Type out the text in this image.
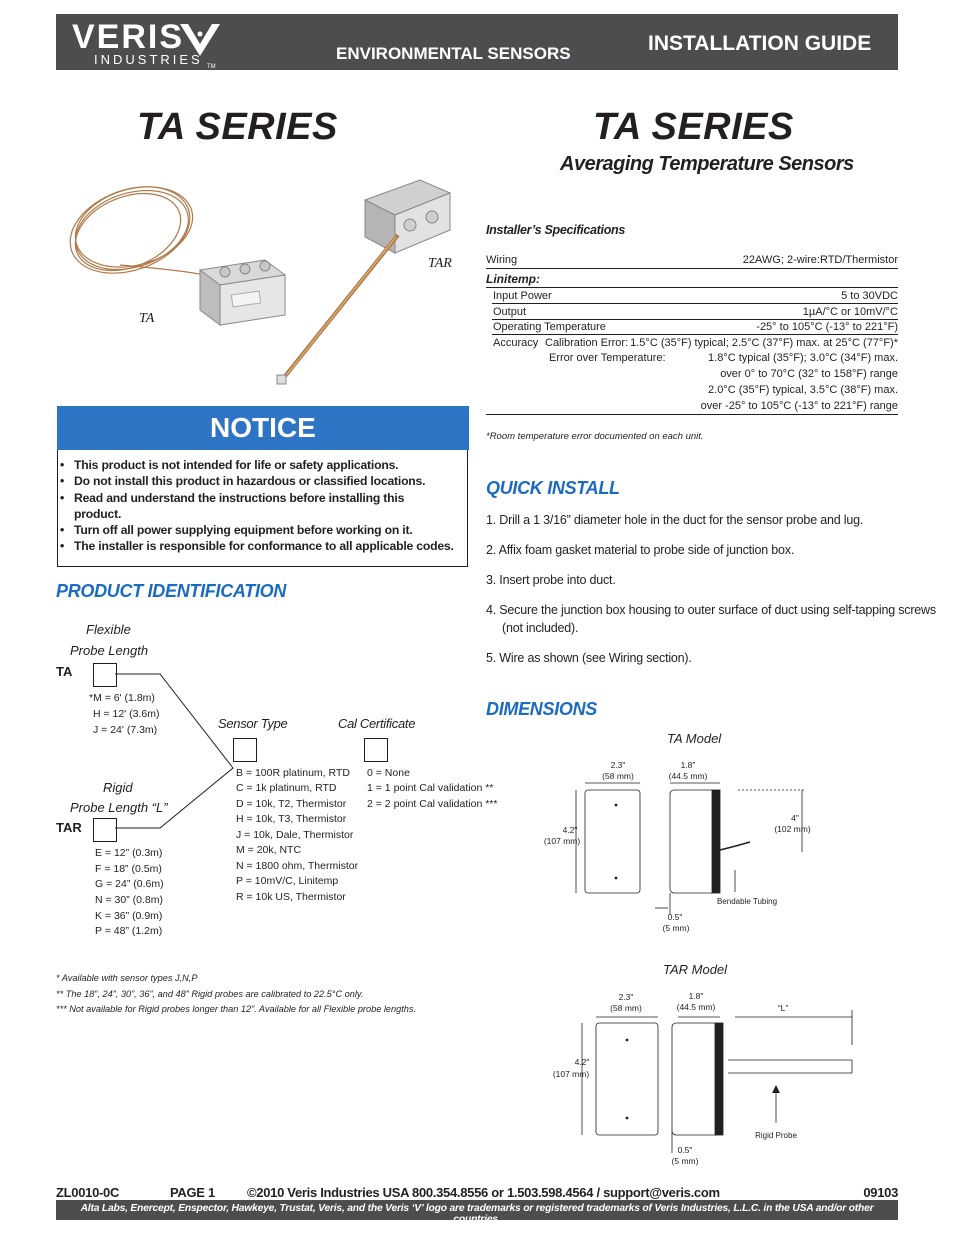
VERIS
INDUSTRIES TM
ENVIRONMENTAL SENSORS	INSTALLATION GUIDE
TA SERIES	TA SERIES
Averaging Temperature Sensors
TAR
TA
NOTICE
• This product is not intended for life or safety applications.
• Do not install this product in hazardous or classified locations.
• Read and understand the instructions before installing this product.
• Turn off all power supplying equipment before working on it.
• The installer is responsible for conformance to all applicable codes.
Installer’s Specifications
Wiring	22AWG; 2-wire:RTD/Thermistor
Linitemp:
Input Power	5 to 30VDC
Output	1µA/°C or 10mV/°C
Operating Temperature	-25° to 105°C (-13° to 221°F)
Accuracy Calibration Error: 1.5°C (35°F) typical; 2.5°C (37°F) max. at 25°C (77°F)*
Error over Temperature:	1.8°C typical (35°F); 3.0°C (34°F) max.
over 0° to 70°C (32° to 158°F) range
2.0°C (35°F) typical, 3.5°C (38°F) max.
over -25° to 105°C (-13° to 221°F) range
*Room temperature error documented on each unit.
QUICK INSTALL
1. Drill a 1 3/16” diameter hole in the duct for the sensor probe and lug.
2. Affix foam gasket material to probe side of junction box.
3. Insert probe into duct.
4. Secure the junction box housing to outer surface of duct using self-tapping screws
(not included).
5. Wire as shown (see Wiring section).
PRODUCT IDENTIFICATION
Flexible
Probe Length
TA
*M = 6' (1.8m)
H = 12' (3.6m)
J = 24' (7.3m)
Rigid
Probe Length “L”
TAR
E = 12” (0.3m)
F = 18” (0.5m)
G = 24” (0.6m)
N = 30” (0.8m)
K = 36” (0.9m)
P = 48” (1.2m)
Sensor Type
B = 100R platinum, RTD
C = 1k platinum, RTD
D = 10k, T2, Thermistor
H = 10k, T3, Thermistor
J = 10k, Dale, Thermistor
M = 20k, NTC
N = 1800 ohm, Thermistor
P = 10mV/C, Linitemp
R = 10k US, Thermistor
Cal Certificate
0 = None
1 = 1 point Cal validation **
2 = 2 point Cal validation ***
* Available with sensor types J,N,P
** The 18”, 24”, 30”, 36”, and 48” Rigid probes are calibrated to 22.5°C only.
*** Not available for Rigid probes longer than 12”. Available for all Flexible probe lengths.
DIMENSIONS
TA Model
2.3"
(58 mm)
1.8"
(44.5 mm)
4.2"
(107 mm)
4"
(102 mm)
0.5"
(5 mm)
Bendable Tubing
TAR Model
2.3"
(58 mm)
1.8"
(44.5 mm)
4.2"
(107 mm)
“L”
0.5"
(5 mm)
Rigid Probe
ZL0010-0C	PAGE 1 ©2010 Veris Industries USA 800.354.8556 or 1.503.598.4564 / support@veris.com	09103
Alta Labs, Enercept, Enspector, Hawkeye, Trustat, Veris, and the Veris ‘V’ logo are trademarks or registered trademarks of Veris Industries, L.L.C. in the USA and/or other countries.
